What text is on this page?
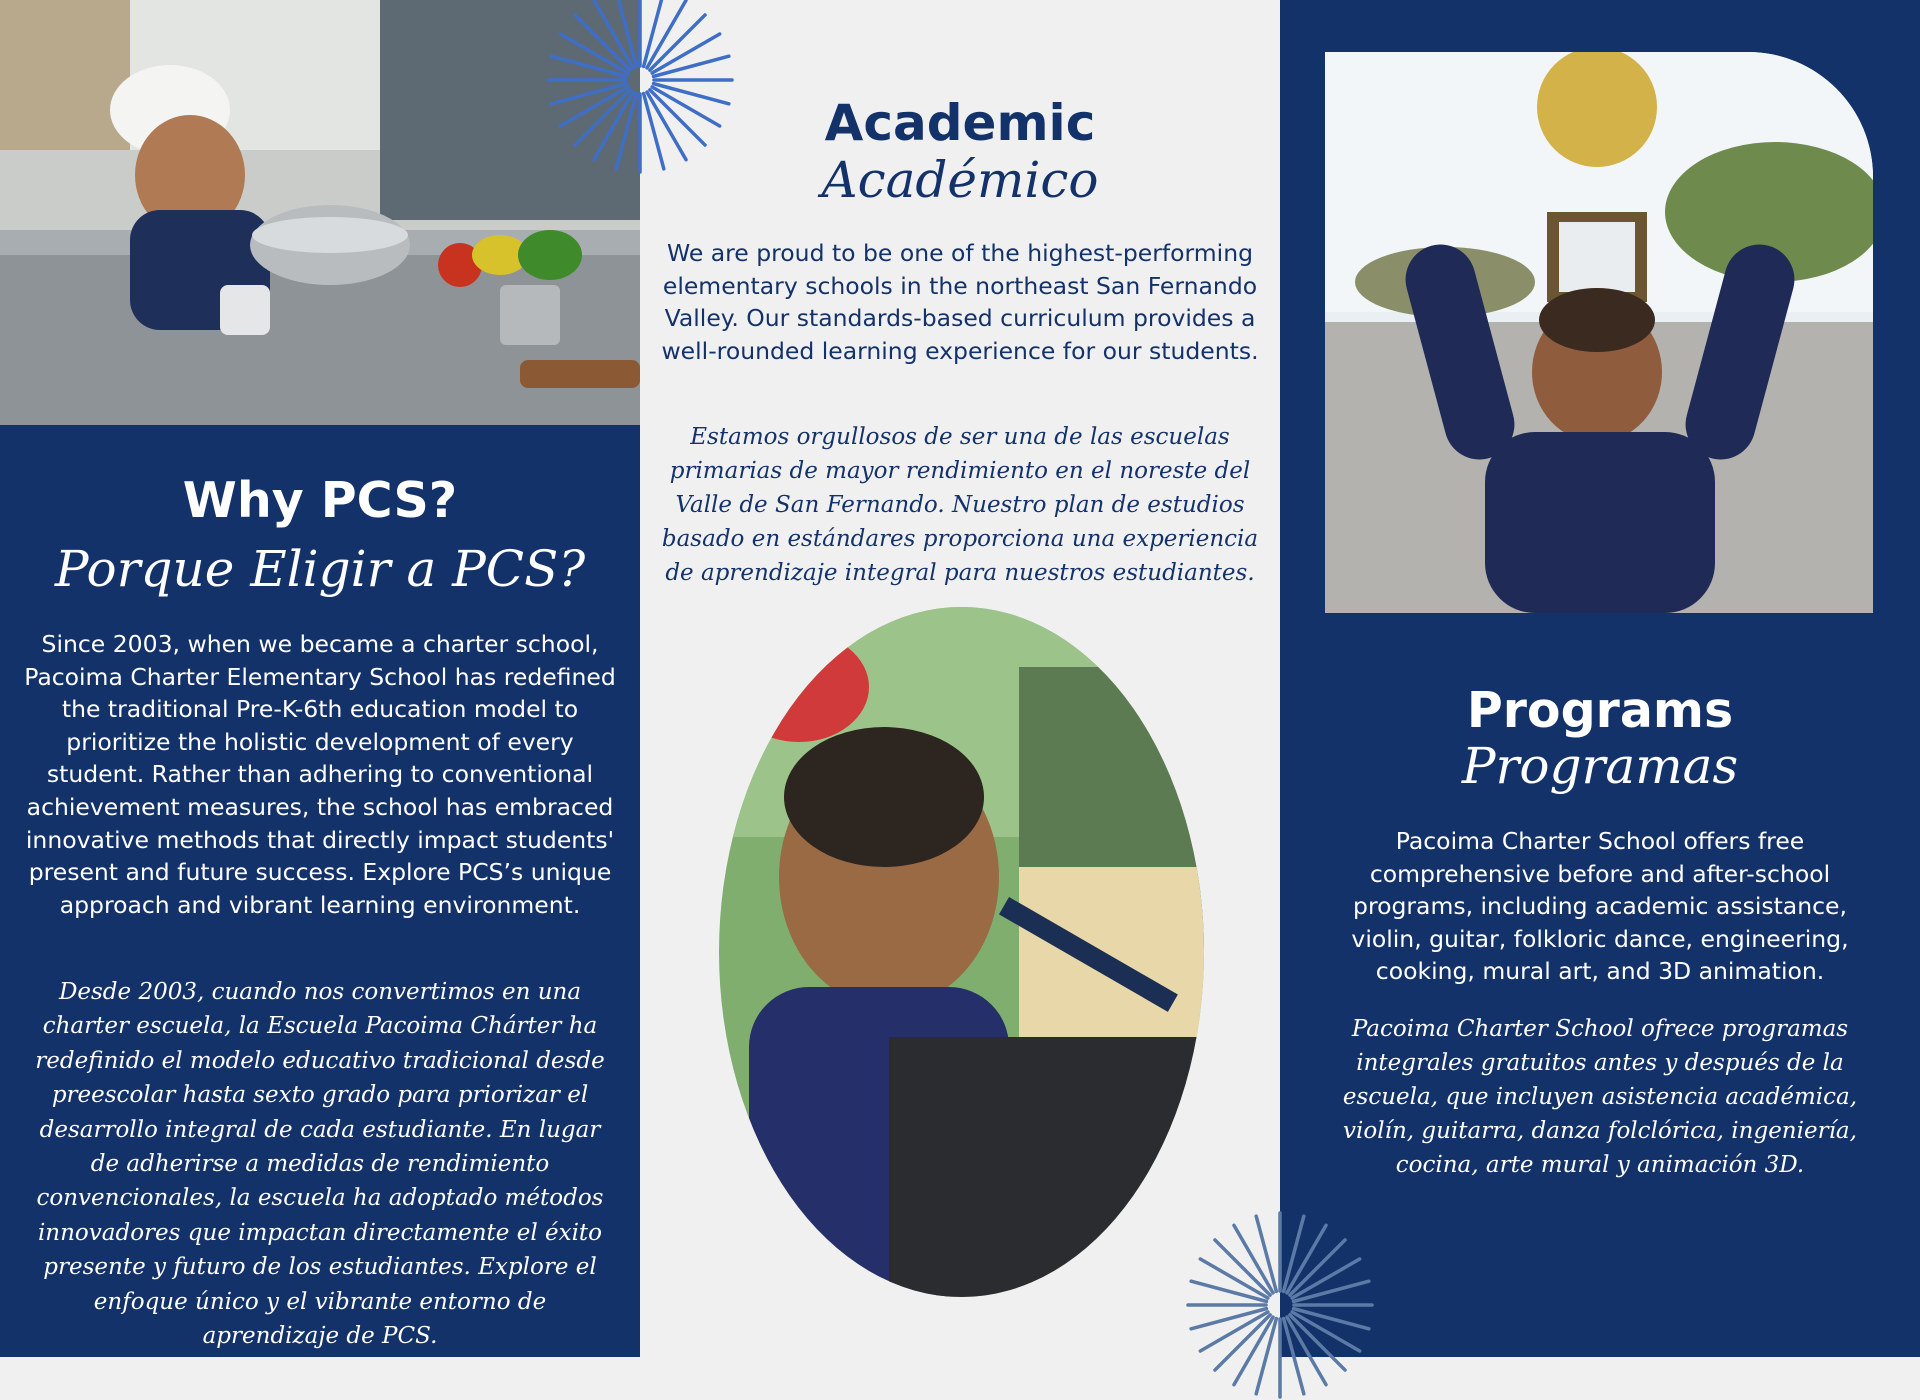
Why PCS?
Porque Eligir a PCS?
Since 2003, when we became a charter school, Pacoima Charter Elementary School has redefined the traditional Pre-K-6th education model to prioritize the holistic development of every student. Rather than adhering to conventional achievement measures, the school has embraced innovative methods that directly impact students' present and future success. Explore PCS’s unique approach and vibrant learning environment.
Desde 2003, cuando nos convertimos en una charter escuela, la Escuela Pacoima Chárter ha redefinido el modelo educativo tradicional desde preescolar hasta sexto grado para priorizar el desarrollo integral de cada estudiante. En lugar de adherirse a medidas de rendimiento convencionales, la escuela ha adoptado métodos innovadores que impactan directamente el éxito presente y futuro de los estudiantes. Explore el enfoque único y el vibrante entorno de aprendizaje de PCS.
Academic
Académico
We are proud to be one of the highest-performing elementary schools in the northeast San Fernando Valley. Our standards-based curriculum provides a well-rounded learning experience for our students.
Estamos orgullosos de ser una de las escuelas primarias de mayor rendimiento en el noreste del Valle de San Fernando. Nuestro plan de estudios basado en estándares proporciona una experiencia de aprendizaje integral para nuestros estudiantes.
Programs
Programas
Pacoima Charter School offers free comprehensive before and after-school programs, including academic assistance, violin, guitar, folkloric dance, engineering, cooking, mural art, and 3D animation.
Pacoima Charter School ofrece programas integrales gratuitos antes y después de la escuela, que incluyen asistencia académica, violín, guitarra, danza folclórica, ingeniería, cocina, arte mural y animación 3D.
